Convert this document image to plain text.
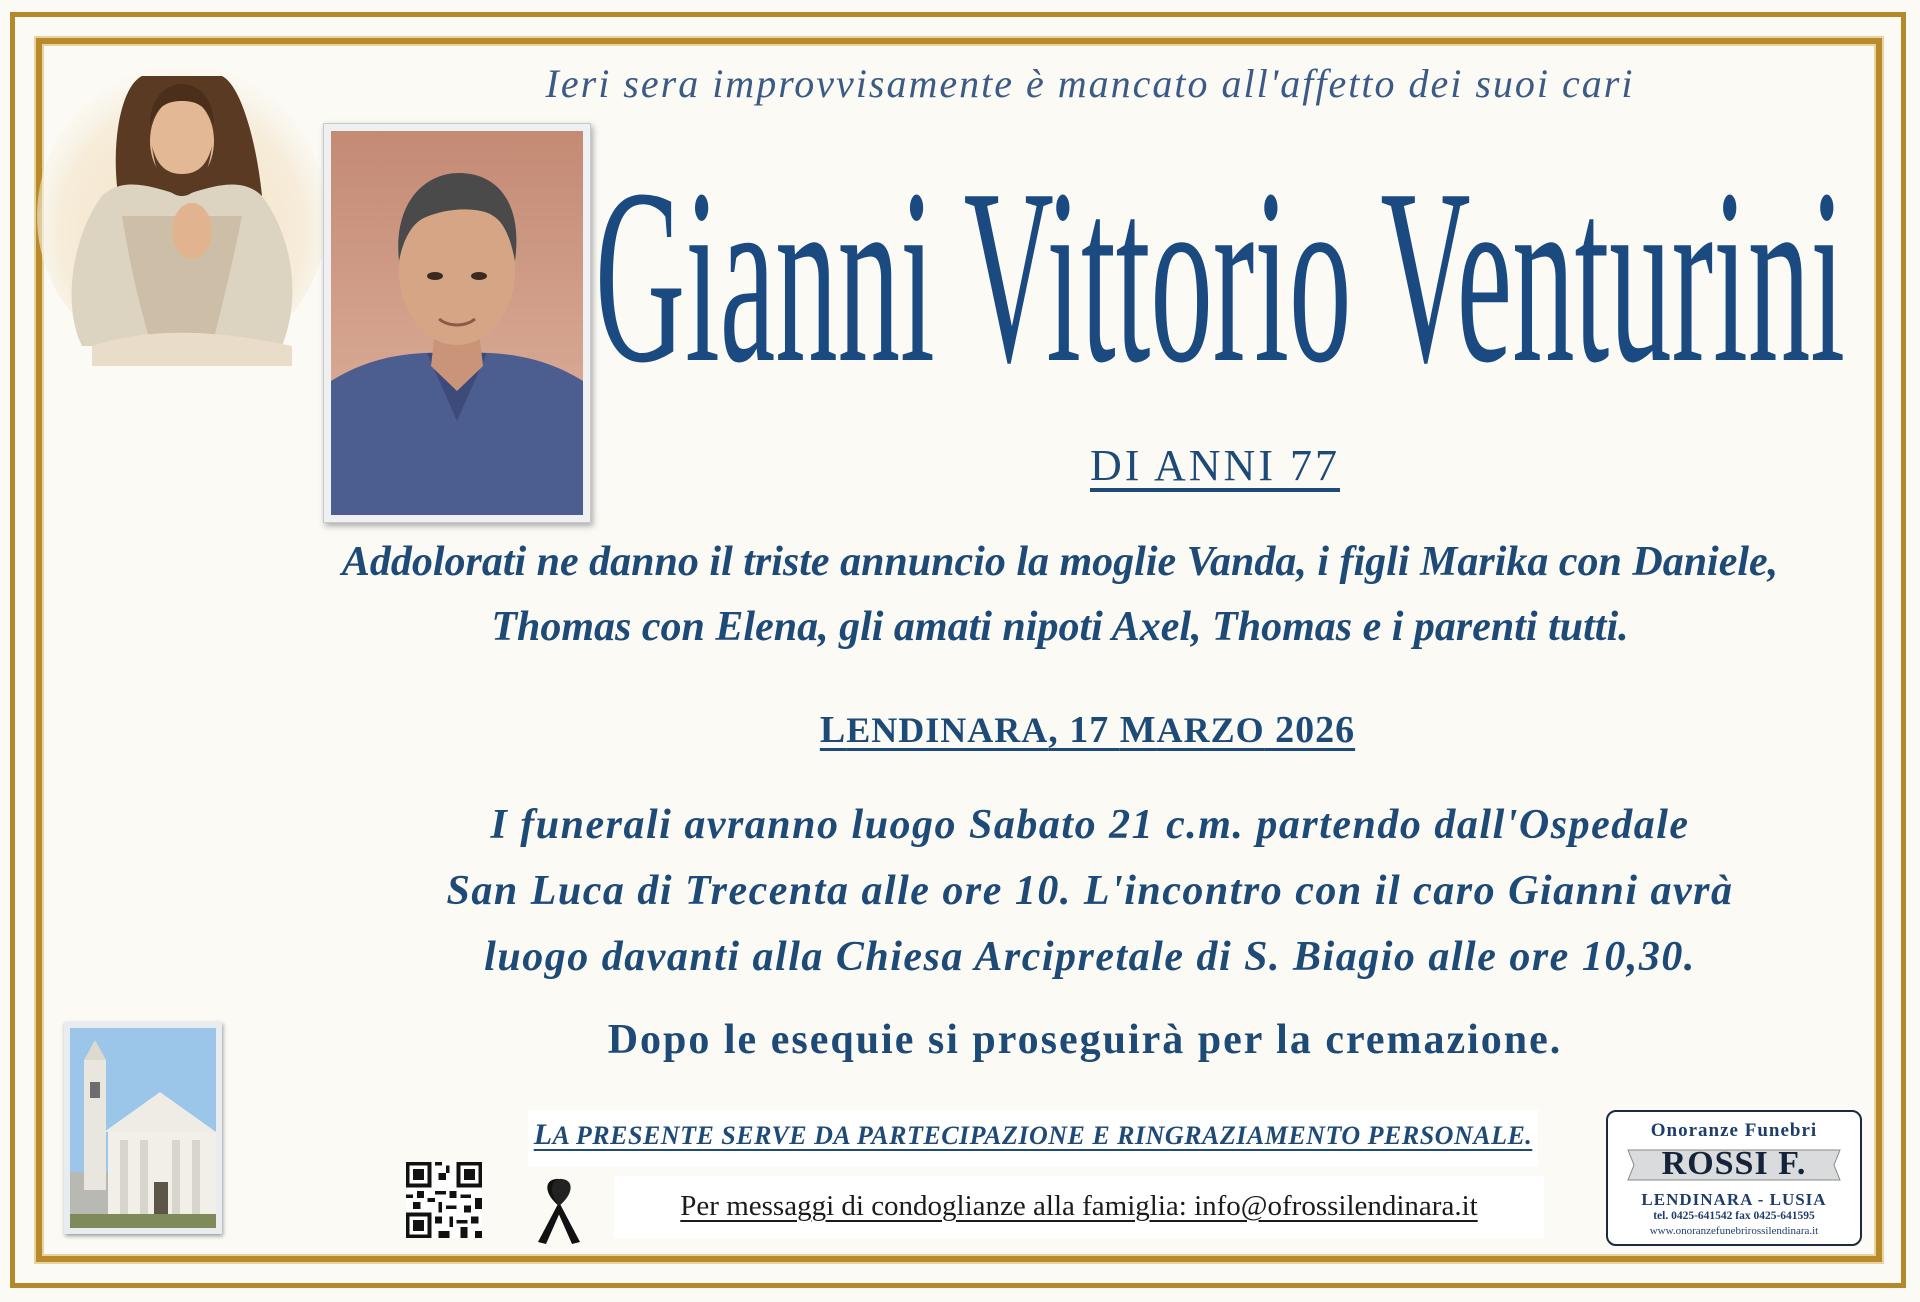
Ieri sera improvvisamente è mancato all'affetto dei suoi cari
Gianni Vittorio Venturini
DI ANNI 77
Addolorati ne danno il triste annuncio la moglie Vanda, i figli Marika con Daniele,
Thomas con Elena, gli amati nipoti Axel, Thomas e i parenti tutti.
LENDINARA, 17 MARZO 2026
I funerali avranno luogo Sabato 21 c.m. partendo dall'Ospedale
San Luca di Trecenta alle ore 10. L'incontro con il caro Gianni avrà
luogo davanti alla Chiesa Arcipretale di S. Biagio alle ore 10,30.
Dopo le esequie si proseguirà per la cremazione.
LA PRESENTE SERVE DA PARTECIPAZIONE E RINGRAZIAMENTO PERSONALE.
Per messaggi di condoglianze alla famiglia: info@ofrossilendinara.it
Onoranze Funebri
ROSSI F.
LENDINARA - LUSIA
tel. 0425-641542 fax 0425-641595
www.onoranzefunebrirossilendinara.it
